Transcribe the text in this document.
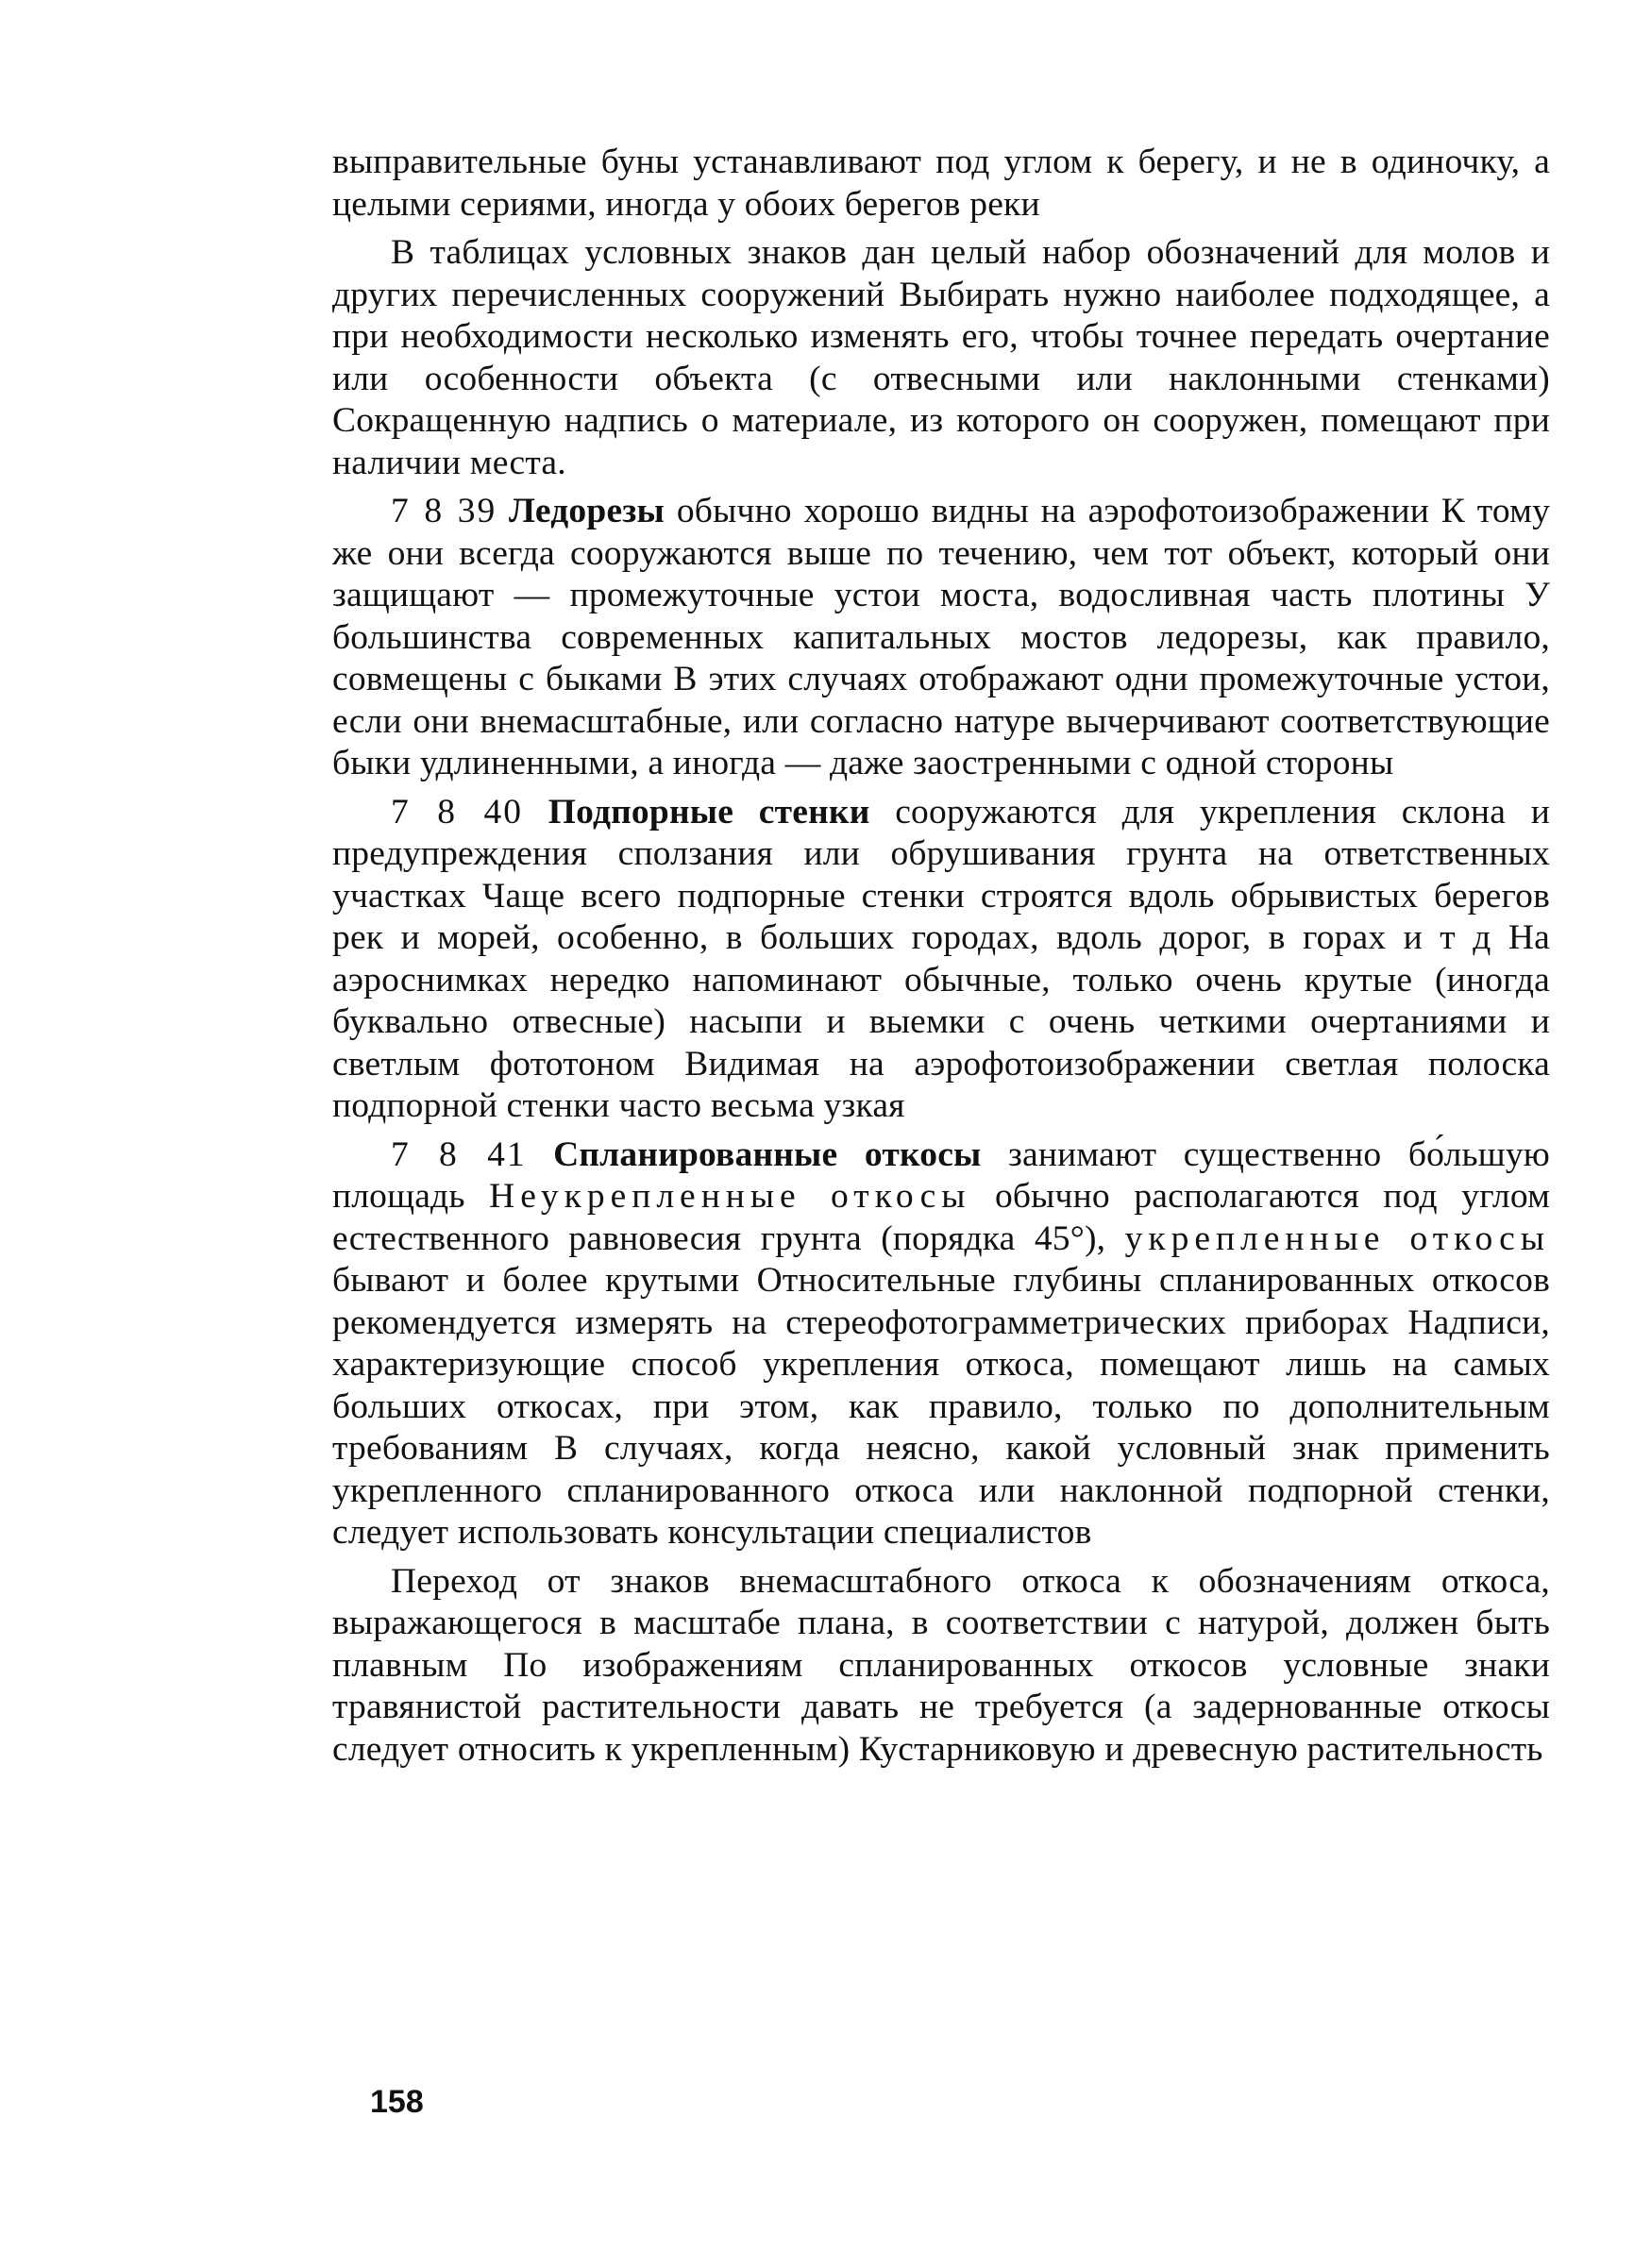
выправительные буны устанавливают под углом к берегу, и не в одиночку, а целыми сериями, иногда у обоих берегов реки

В таблицах условных знаков дан целый набор обозначений для молов и других перечисленных сооружений Выбирать нужно наиболее подходящее, а при необходимости несколько изменять его, чтобы точнее передать очертание или особенности объекта (с отвесными или наклонными стенками) Сокращенную надпись о материале, из которого он сооружен, помещают при наличии места.

7 8 39 Ледорезы обычно хорошо видны на аэрофотоизображении К тому же они всегда сооружаются выше по течению, чем тот объект, который они защищают — промежуточные устои моста, водосливная часть плотины У большинства современных капитальных мостов ледорезы, как правило, совмещены с быками В этих случаях отображают одни промежуточные устои, если они внемасштабные, или согласно натуре вычерчивают соответствующие быки удлиненными, а иногда — даже заостренными с одной стороны

7 8 40 Подпорные стенки сооружаются для укрепления склона и предупреждения сползания или обрушивания грунта на ответственных участках Чаще всего подпорные стенки строятся вдоль обрывистых берегов рек и морей, особенно, в больших городах, вдоль дорог, в горах и т д На аэроснимках нередко напоминают обычные, только очень крутые (иногда буквально отвесные) насыпи и выемки с очень четкими очертаниями и светлым фототоном Видимая на аэрофотоизображении светлая полоска подпорной стенки часто весьма узкая

7 8 41 Спланированные откосы занимают существенно бо́льшую площадь Неукрепленные откосы обычно располагаются под углом естественного равновесия грунта (порядка 45°), укрепленные откосы бывают и более крутыми Относительные глубины спланированных откосов рекомендуется измерять на стереофотограмметрических приборах Надписи, характеризующие способ укрепления откоса, помещают лишь на самых больших откосах, при этом, как правило, только по дополнительным требованиям В случаях, когда неясно, какой условный знак применить укрепленного спланированного откоса или наклонной подпорной стенки, следует использовать консультации специалистов

Переход от знаков внемасштабного откоса к обозначениям откоса, выражающегося в масштабе плана, в соответствии с натурой, должен быть плавным По изображениям спланированных откосов условные знаки травянистой растительности давать не требуется (а задернованные откосы следует относить к укрепленным) Кустарниковую и древесную растительность

158
